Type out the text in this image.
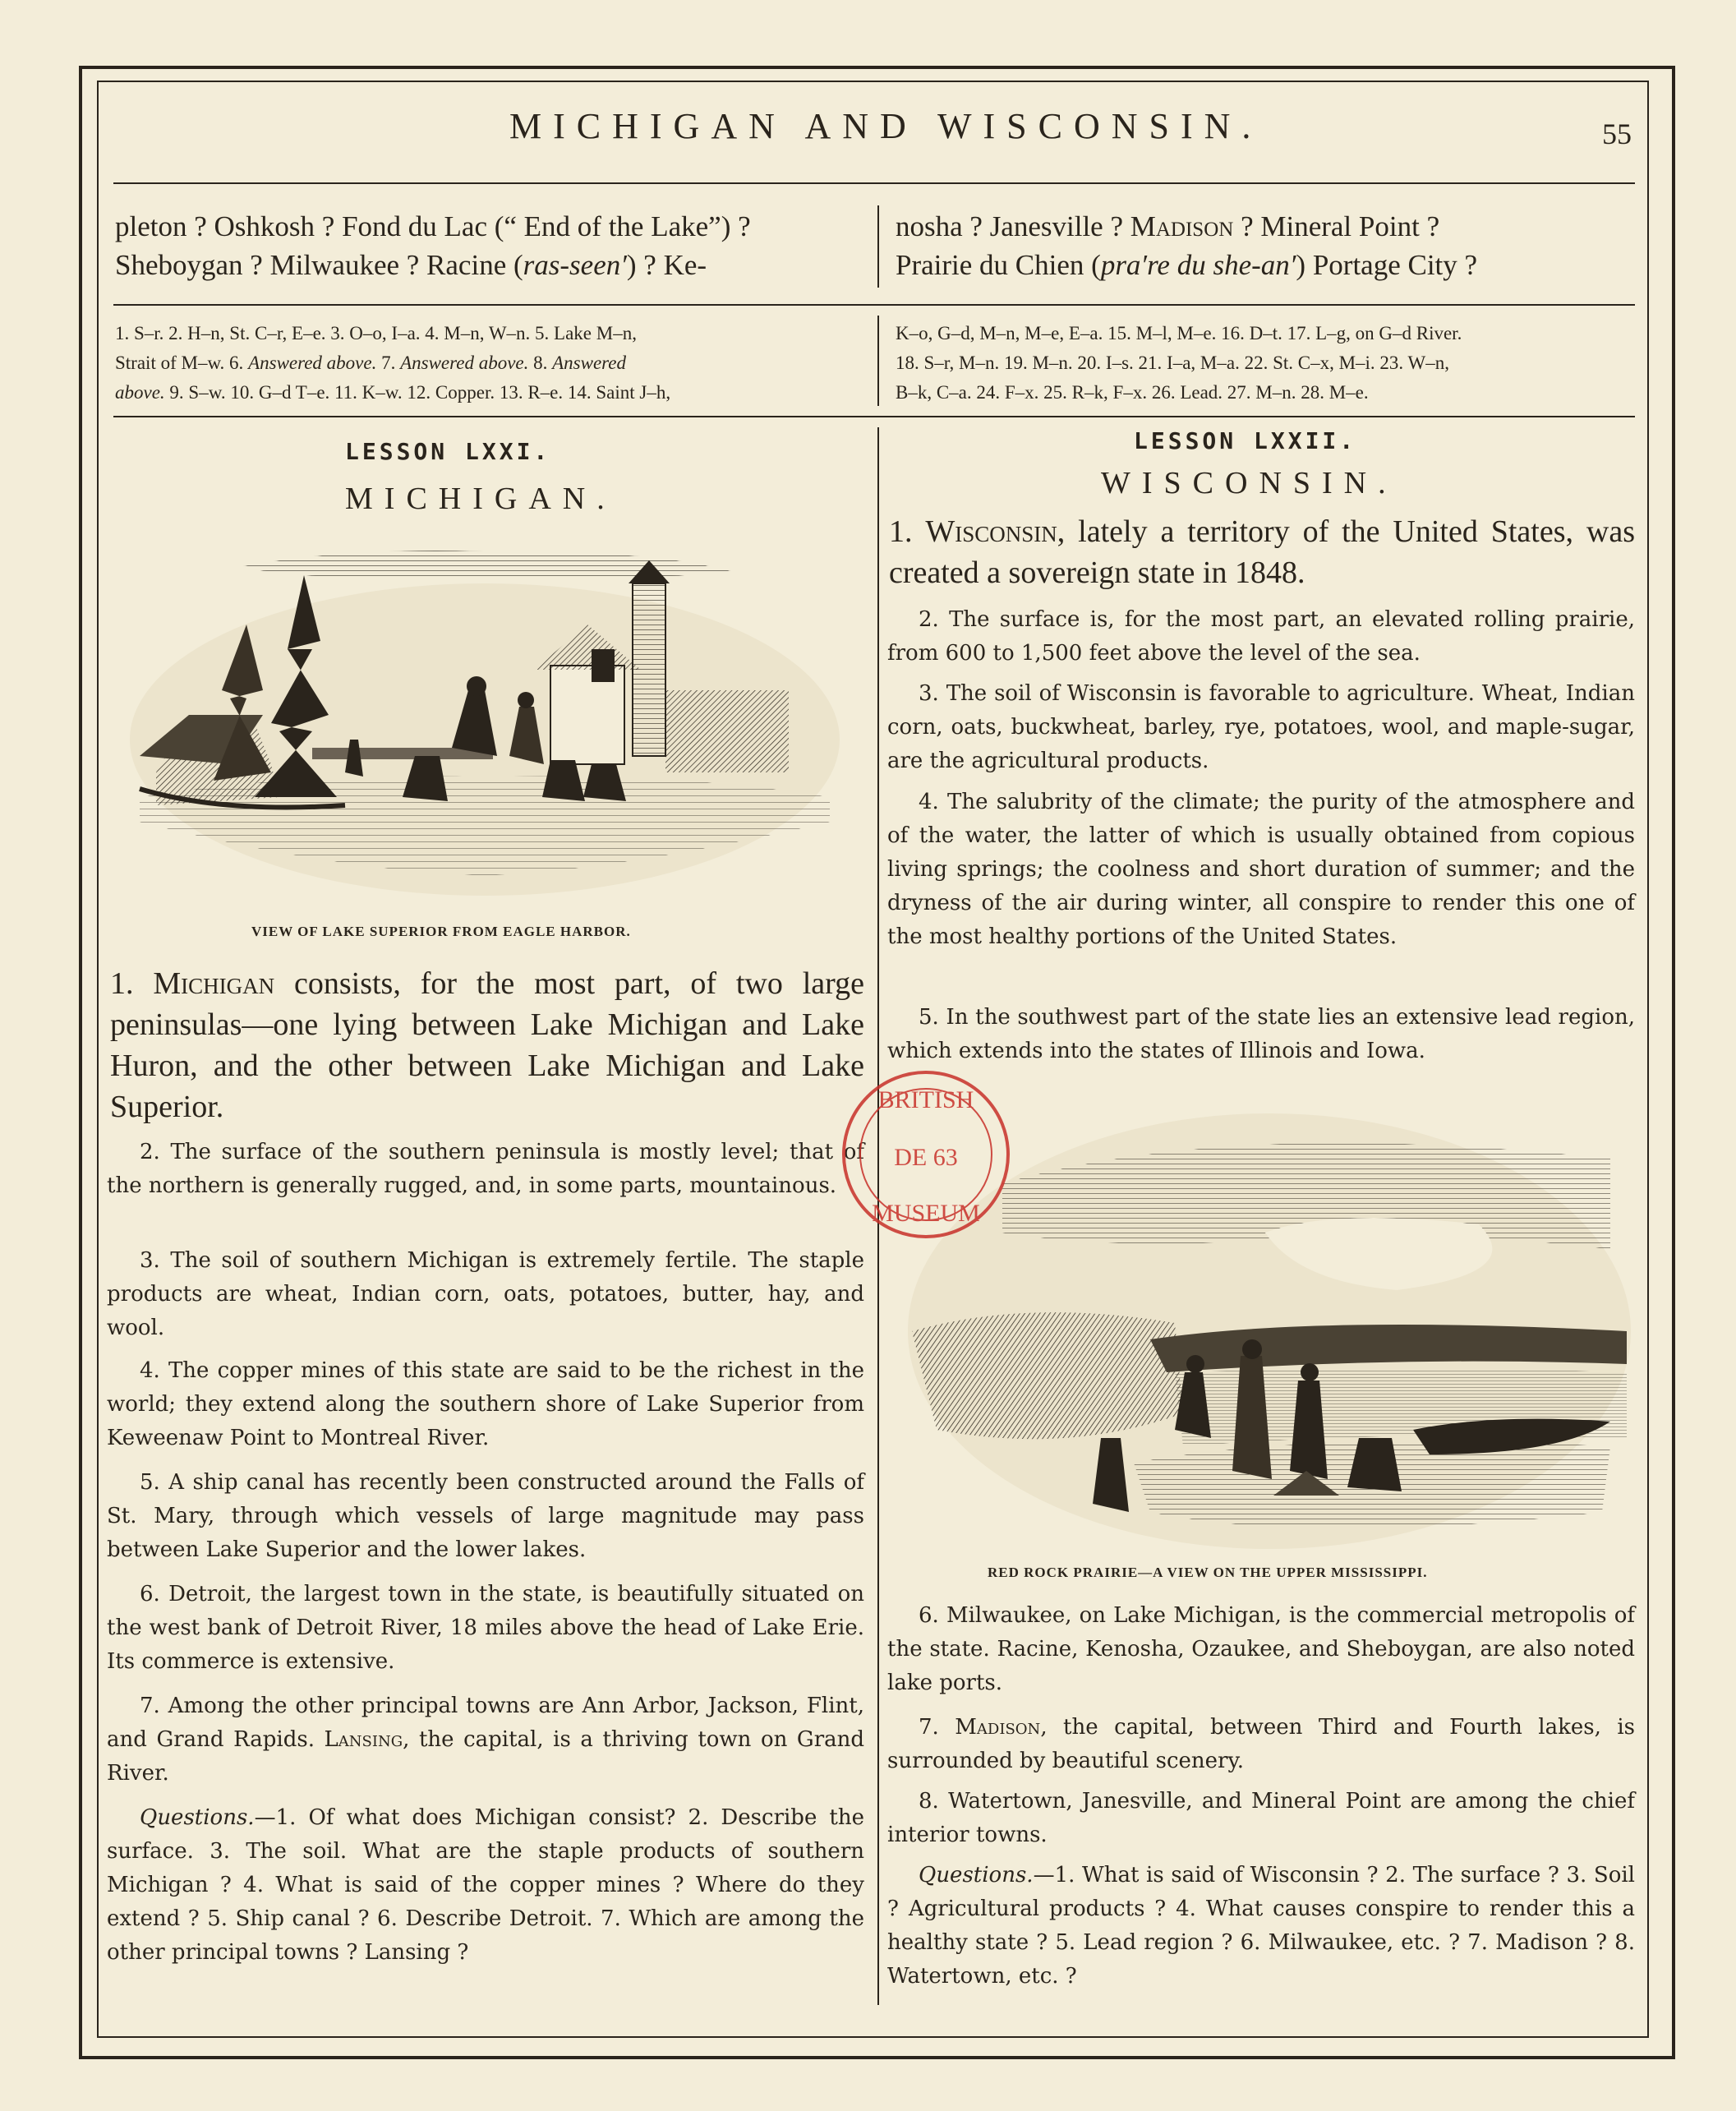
MICHIGAN AND WISCONSIN.	55
pleton ? Oshkosh ? Fond du Lac (“ End of the Lake”) ?
Sheboygan ? Milwaukee ? Racine (ras-seen′) ? Ke-
nosha ? Janesville ? Madison ? Mineral Point ?
Prairie du Chien (pra′re du she-an′) Portage City ?
1. S–r. 2. H–n, St. C–r, E–e. 3. O–o, I–a. 4. M–n, W–n. 5. Lake M–n,
Strait of M–w. 6. Answered above. 7. Answered above. 8. Answered
above. 9. S–w. 10. G–d T–e. 11. K–w. 12. Copper. 13. R–e. 14. Saint J–h,
K–o, G–d, M–n, M–e, E–a. 15. M–l, M–e. 16. D–t. 17. L–g, on G–d River.
18. S–r, M–n. 19. M–n. 20. I–s. 21. I–a, M–a. 22. St. C–x, M–i. 23. W–n,
B–k, C–a. 24. F–x. 25. R–k, F–x. 26. Lead. 27. M–n. 28. M–e.
LESSON LXXI.
MICHIGAN.
VIEW OF LAKE SUPERIOR FROM EAGLE HARBOR.
1. Michigan consists, for the most part, of two large peninsulas—one lying between Lake Michigan and Lake Huron, and the other between Lake Michigan and Lake Superior.
2. The surface of the southern peninsula is mostly level; that of the northern is generally rugged, and, in some parts, mountainous.
3. The soil of southern Michigan is extremely fertile. The staple products are wheat, Indian corn, oats, potatoes, butter, hay, and wool.
4. The copper mines of this state are said to be the richest in the world; they extend along the southern shore of Lake Superior from Keweenaw Point to Montreal River.
5. A ship canal has recently been constructed around the Falls of St. Mary, through which vessels of large magnitude may pass between Lake Superior and the lower lakes.
6. Detroit, the largest town in the state, is beautifully situated on the west bank of Detroit River, 18 miles above the head of Lake Erie. Its commerce is extensive.
7. Among the other principal towns are Ann Arbor, Jackson, Flint, and Grand Rapids. Lansing, the capital, is a thriving town on Grand River.
Questions.—1. Of what does Michigan consist? 2. Describe the surface. 3. The soil. What are the staple products of southern Michigan ? 4. What is said of the copper mines ? Where do they extend ? 5. Ship canal ? 6. Describe Detroit. 7. Which are among the other principal towns ? Lansing ?
LESSON LXXII.
WISCONSIN.
1. Wisconsin, lately a territory of the United States, was created a sovereign state in 1848.
2. The surface is, for the most part, an elevated rolling prairie, from 600 to 1,500 feet above the level of the sea.
3. The soil of Wisconsin is favorable to agriculture. Wheat, Indian corn, oats, buckwheat, barley, rye, potatoes, wool, and maple-sugar, are the agricultural products.
4. The salubrity of the climate; the purity of the atmosphere and of the water, the latter of which is usually obtained from copious living springs; the coolness and short duration of summer; and the dryness of the air during winter, all conspire to render this one of the most healthy portions of the United States.
5. In the southwest part of the state lies an extensive lead region, which extends into the states of Illinois and Iowa.
RED ROCK PRAIRIE—A VIEW ON THE UPPER MISSISSIPPI.
6. Milwaukee, on Lake Michigan, is the commercial metropolis of the state. Racine, Kenosha, Ozaukee, and Sheboygan, are also noted lake ports.
7. Madison, the capital, between Third and Fourth lakes, is surrounded by beautiful scenery.
8. Watertown, Janesville, and Mineral Point are among the chief interior towns.
Questions.—1. What is said of Wisconsin ? 2. The surface ? 3. Soil ? Agricultural products ? 4. What causes conspire to render this a healthy state ? 5. Lead region ? 6. Milwaukee, etc. ? 7. Madison ? 8. Watertown, etc. ?
BRITISH
DE 63
MUSEUM
